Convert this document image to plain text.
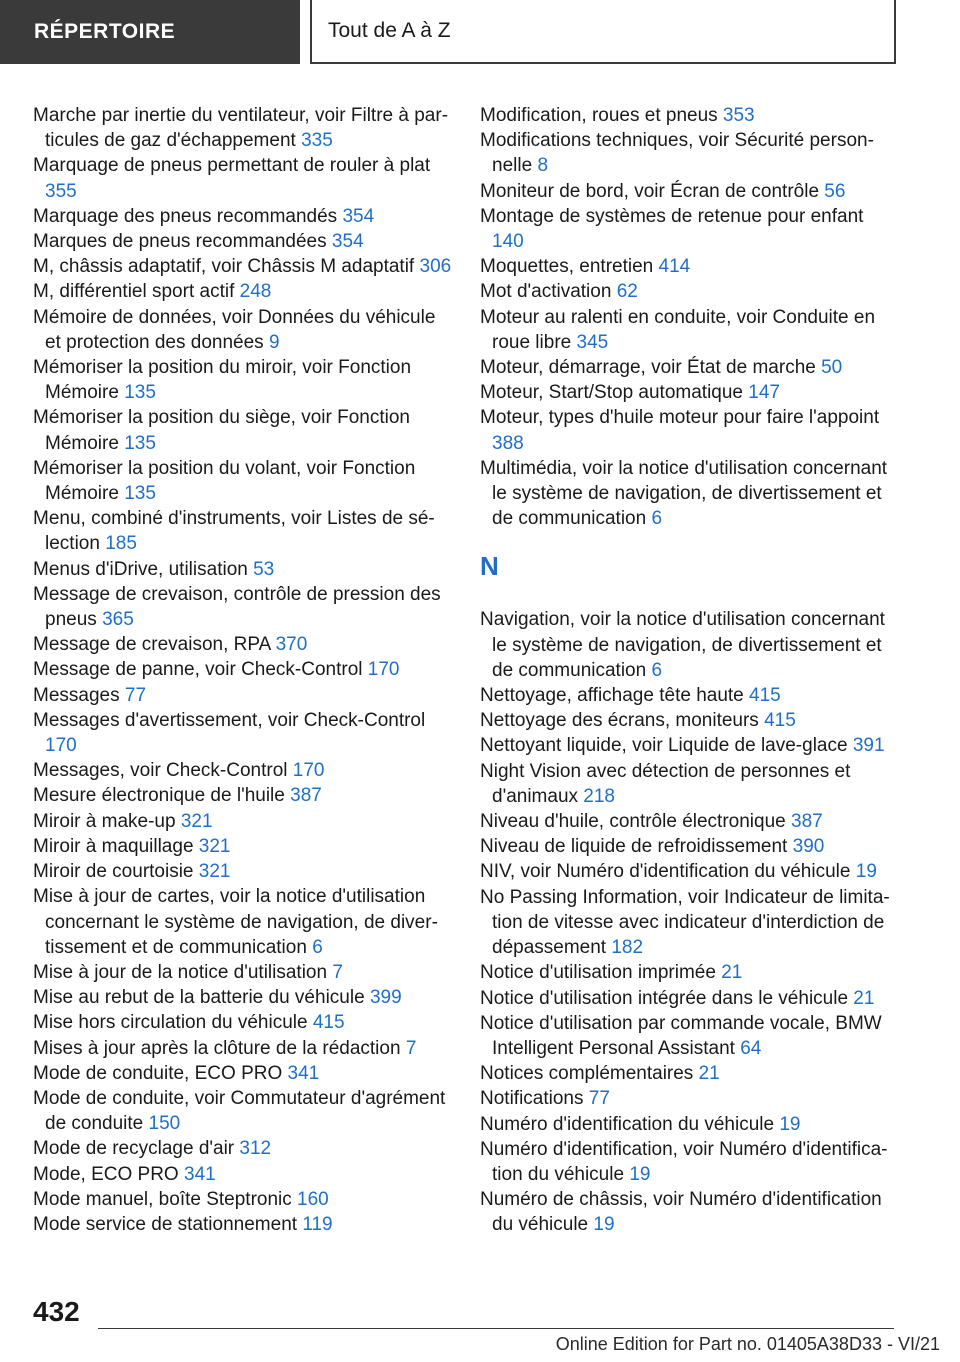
RÉPERTOIRE	Tout de A à Z
Marche par inertie du ventilateur, voir Filtre à particules de gaz d'échappement 335
Marquage de pneus permettant de rouler à plat 355
Marquage des pneus recommandés 354
Marques de pneus recommandées 354
M, châssis adaptatif, voir Châssis M adaptatif 306
M, différentiel sport actif 248
Mémoire de données, voir Données du véhicule et protection des données 9
Mémoriser la position du miroir, voir Fonction Mémoire 135
Mémoriser la position du siège, voir Fonction Mémoire 135
Mémoriser la position du volant, voir Fonction Mémoire 135
Menu, combiné d'instruments, voir Listes de sélection 185
Menus d'iDrive, utilisation 53
Message de crevaison, contrôle de pression des pneus 365
Message de crevaison, RPA 370
Message de panne, voir Check-Control 170
Messages 77
Messages d'avertissement, voir Check-Control 170
Messages, voir Check-Control 170
Mesure électronique de l'huile 387
Miroir à make-up 321
Miroir à maquillage 321
Miroir de courtoisie 321
Mise à jour de cartes, voir la notice d'utilisation concernant le système de navigation, de divertissement et de communication 6
Mise à jour de la notice d'utilisation 7
Mise au rebut de la batterie du véhicule 399
Mise hors circulation du véhicule 415
Mises à jour après la clôture de la rédaction 7
Mode de conduite, ECO PRO 341
Mode de conduite, voir Commutateur d'agrément de conduite 150
Mode de recyclage d'air 312
Mode, ECO PRO 341
Mode manuel, boîte Steptronic 160
Mode service de stationnement 119
Modification, roues et pneus 353
Modifications techniques, voir Sécurité personnelle 8
Moniteur de bord, voir Écran de contrôle 56
Montage de systèmes de retenue pour enfant 140
Moquettes, entretien 414
Mot d'activation 62
Moteur au ralenti en conduite, voir Conduite en roue libre 345
Moteur, démarrage, voir État de marche 50
Moteur, Start/Stop automatique 147
Moteur, types d'huile moteur pour faire l'appoint 388
Multimédia, voir la notice d'utilisation concernant le système de navigation, de divertissement et de communication 6
N
Navigation, voir la notice d'utilisation concernant le système de navigation, de divertissement et de communication 6
Nettoyage, affichage tête haute 415
Nettoyage des écrans, moniteurs 415
Nettoyant liquide, voir Liquide de lave-glace 391
Night Vision avec détection de personnes et d'animaux 218
Niveau d'huile, contrôle électronique 387
Niveau de liquide de refroidissement 390
NIV, voir Numéro d'identification du véhicule 19
No Passing Information, voir Indicateur de limitation de vitesse avec indicateur d'interdiction de dépassement 182
Notice d'utilisation imprimée 21
Notice d'utilisation intégrée dans le véhicule 21
Notice d'utilisation par commande vocale, BMW Intelligent Personal Assistant 64
Notices complémentaires 21
Notifications 77
Numéro d'identification du véhicule 19
Numéro d'identification, voir Numéro d'identification du véhicule 19
Numéro de châssis, voir Numéro d'identification du véhicule 19
432
Online Edition for Part no. 01405A38D33 - VI/21
